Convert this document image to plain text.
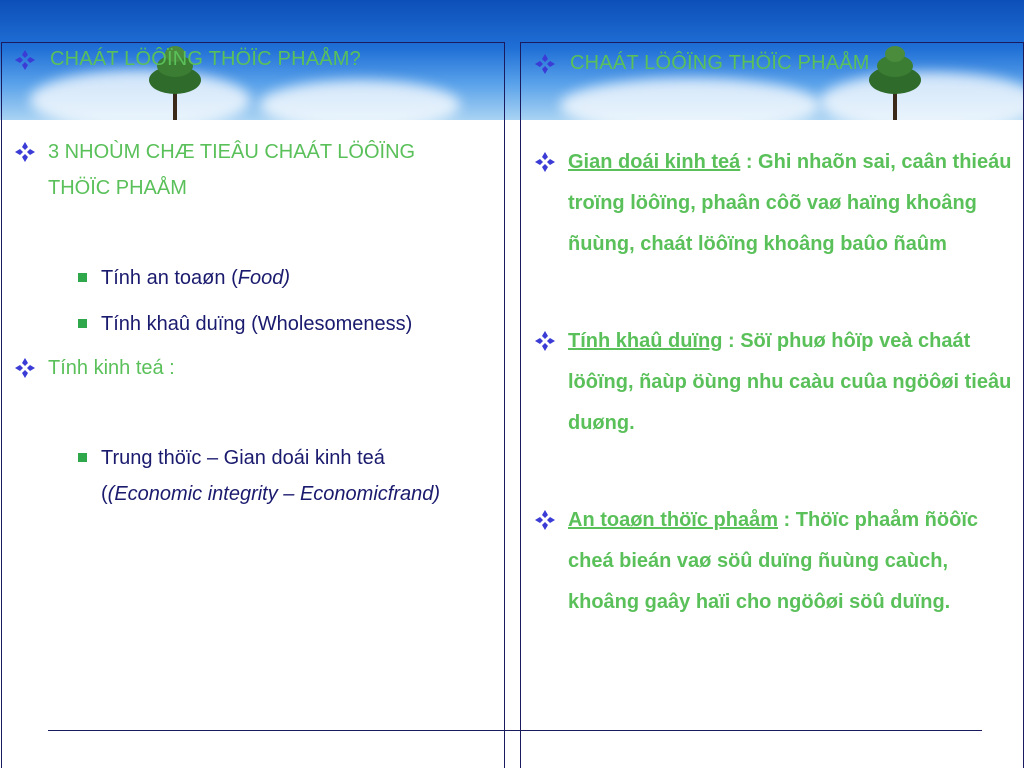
CHAÁT LÖÔÏNG THÖÏC PHAÅM?	CHAÁT LÖÔÏNG THÖÏC PHAÅM
3 NHOÙM CHÆ TIEÂU CHAÁT LÖÔÏNG THÖÏC PHAÅM
Tính an toaøn (Food)
Tính khaû duïng (Wholesomeness)
Tính kinh teá :
Trung thöïc – Gian doái kinh teá ((Economic integrity – Economicfrand)
Gian doái kinh teá : Ghi nhaõn sai, caân thieáu troïng löôïng, phaân côõ vaø haïng khoâng ñuùng, chaát löôïng khoâng baûo ñaûm
Tính khaû duïng : Söï phuø hôïp veà chaát löôïng, ñaùp öùng nhu caàu cuûa ngöôøi tieâu duøng.
An toaøn thöïc phaåm : Thöïc phaåm ñöôïc cheá bieán vaø söû duïng ñuùng caùch, khoâng gaây haïi cho ngöôøi söû duïng.
